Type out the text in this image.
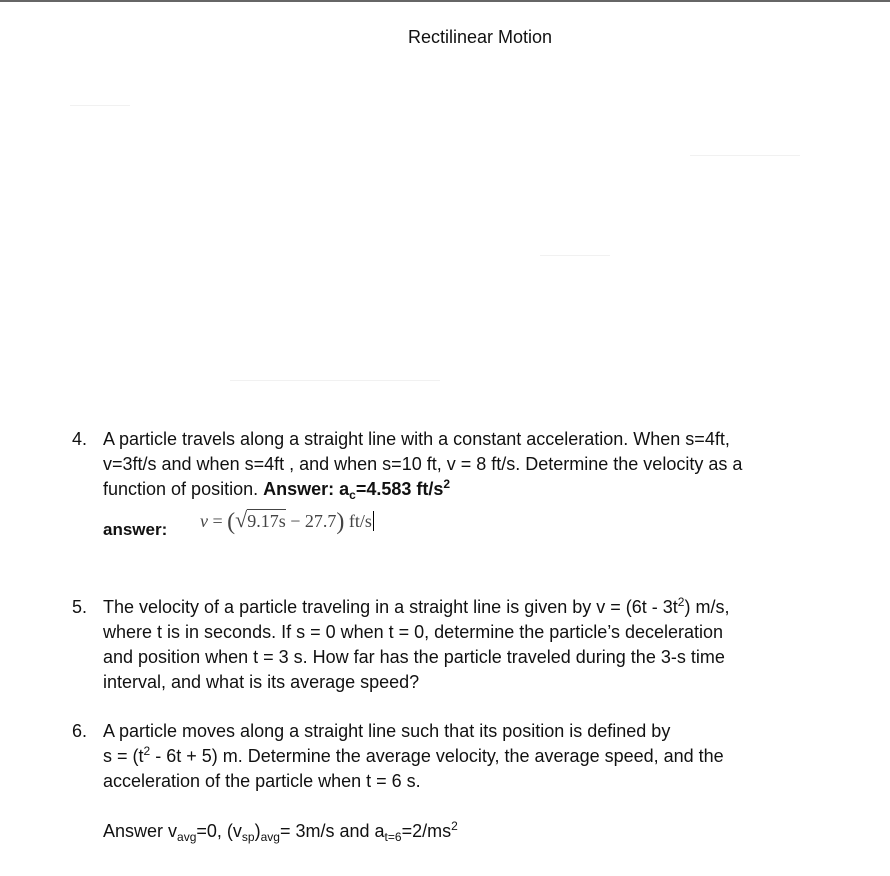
Rectilinear Motion
4. A particle travels along a straight line with a constant acceleration. When s=4ft,
v=3ft/s and when s=4ft , and when s=10 ft, v = 8 ft/s. Determine the velocity as a
function of position. Answer: $a_c=4.583$ $ft/s^2$
answer: v = (√9.17s − 27.7) ft/s
5. The velocity of a particle traveling in a straight line is given by $v = (6t - 3t^2)$ m/s,
where t is in seconds. If s = 0 when t = 0, determine the particle’s deceleration
and position when t = 3 s. How far has the particle traveled during the 3-s time
interval, and what is its average speed?
6. A particle moves along a straight line such that its position is defined by
$s = (t^2 - 6t + 5)$ m. Determine the average velocity, the average speed, and the
acceleration of the particle when t = 6 s.
Answer $v_{avg}=0$, $(v_{sp})_{avg}= 3m/s$ and $a_{t=6}=2/ms^2$
